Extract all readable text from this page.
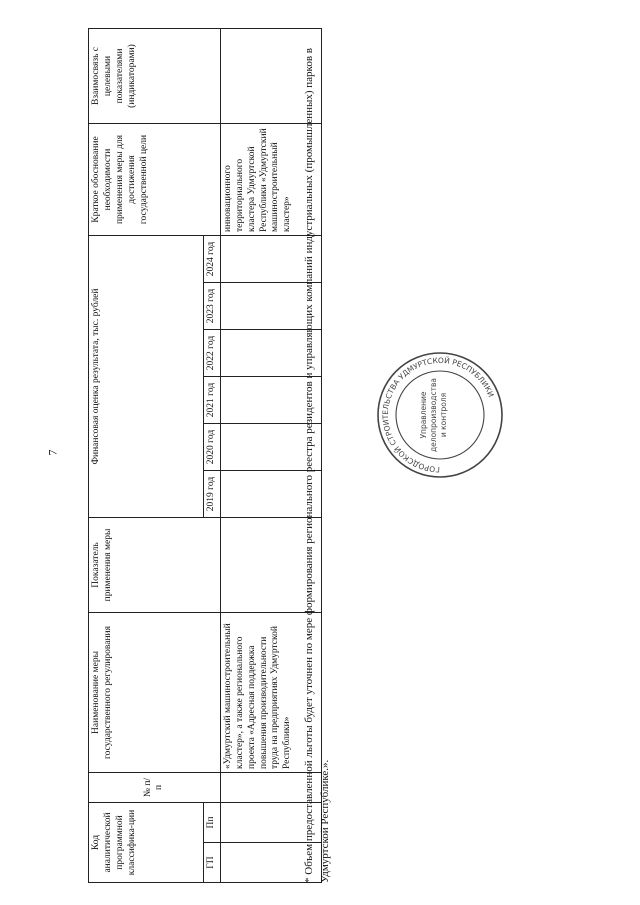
7
Код аналитической программной классифика-ции		№ п/п	Наименование меры государственного регулирования	Показатель применения меры	Финансовая оценка результата, тыс. рублей						Краткое обоснование необходимости применения меры для достижения государственной цели	Взаимосвязь с целевыми показателями (индикаторами)
ГП	Пп				2019 год	2020 год	2021 год	2022 год	2023 год	2024 год		
			«Удмуртский машиностроительный кластер», а также регионального проекта «Адресная поддержка повышения производительности труда на предприятиях Удмуртской Республики»								инновационного территориального кластера Удмуртской Республики «Удмуртский машиностроительный кластер»	* Объем предоставленной льготы будет уточнен по мере формирования регионального реестра резидентов и управляющих компаний индустриальных (промышленных) парков в Удмуртской Республике.».
ГОРОДСКОЙ СТРОИТЕЛЬСТВА УДМУРТСКОЙ РЕСПУБЛИКИ
Управление делопроизводства и контроля
